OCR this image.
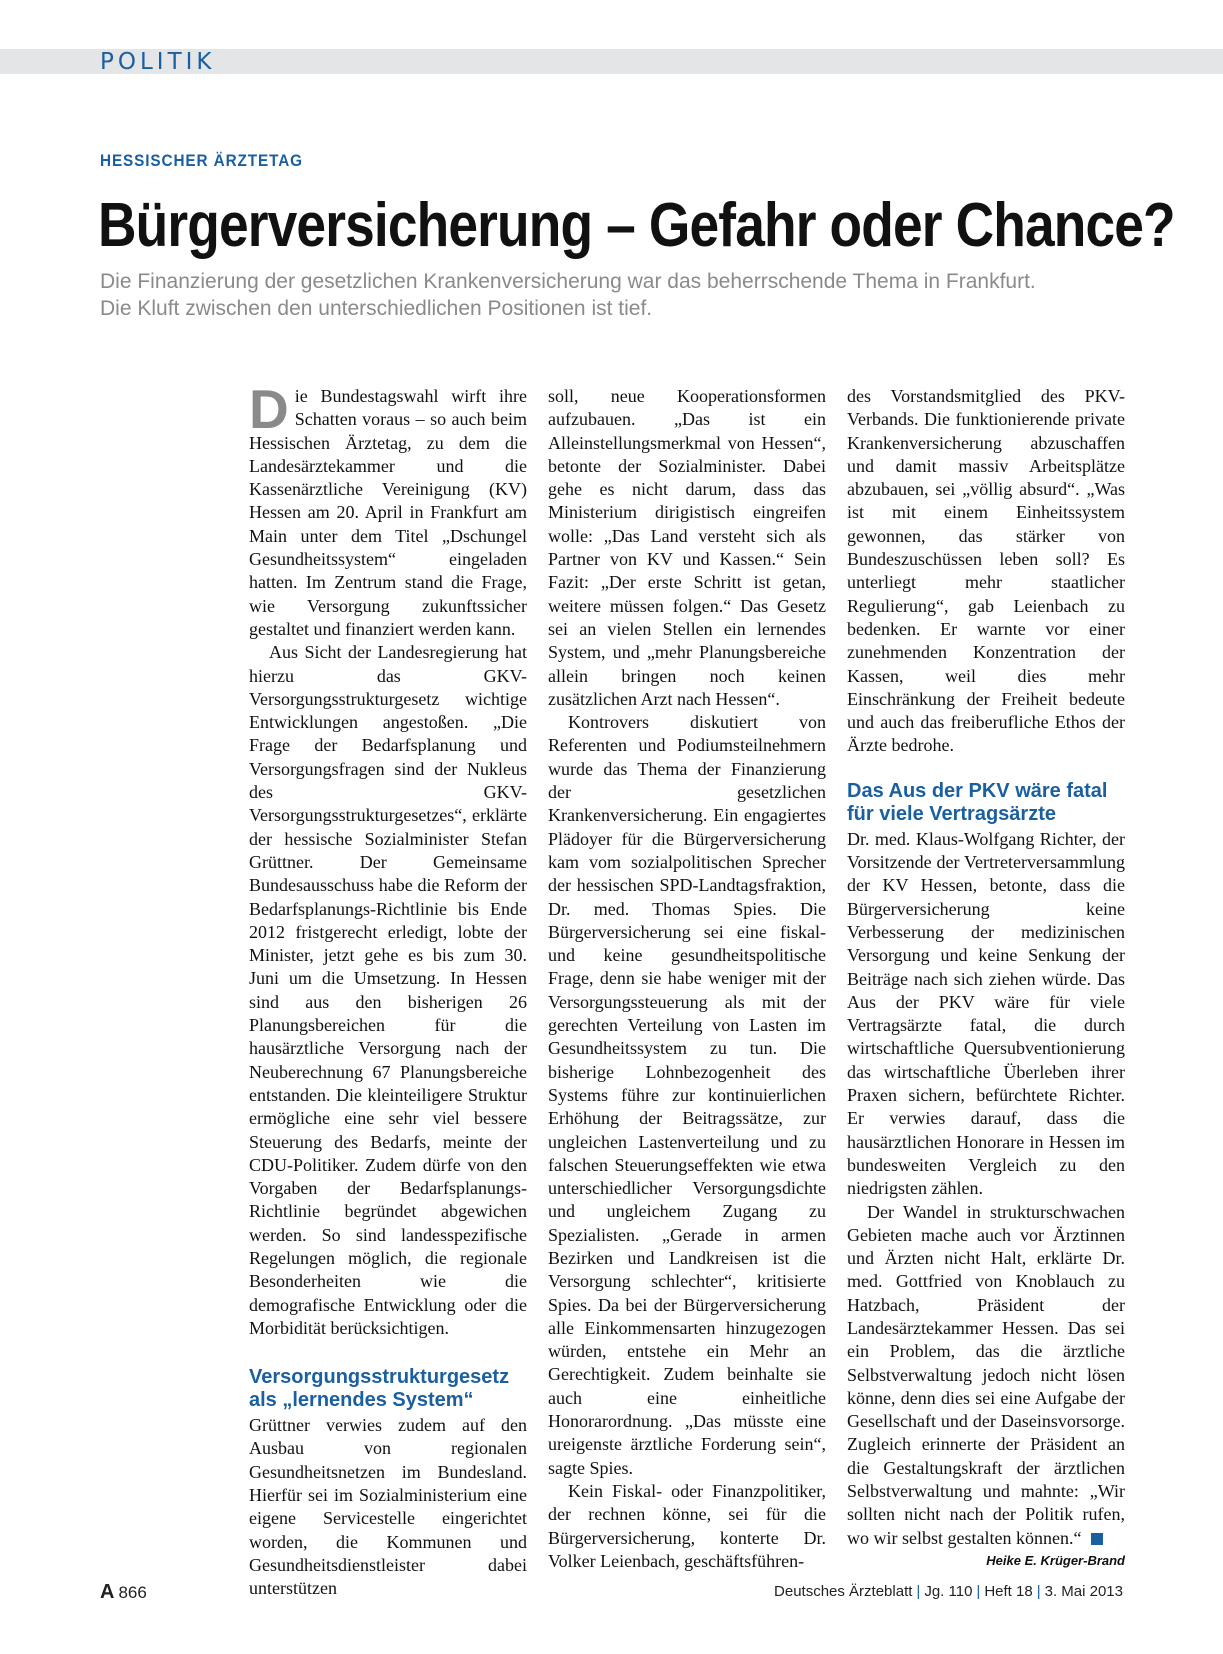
POLITIK
HESSISCHER ÄRZTETAG
Bürgerversicherung – Gefahr oder Chance?
Die Finanzierung der gesetzlichen Krankenversicherung war das beherrschende Thema in Frankfurt. Die Kluft zwischen den unterschiedlichen Positionen ist tief.

Die Bundestagswahl wirft ihre Schatten voraus – so auch beim Hessischen Ärztetag, zu dem die Landesärztekammer und die Kassenärztliche Vereinigung (KV) Hessen am 20. April in Frankfurt am Main unter dem Titel „Dschungel Gesundheitssystem“ eingeladen hatten. Im Zentrum stand die Frage, wie Versorgung zukunftssicher gestaltet und finanziert werden kann.

Aus Sicht der Landesregierung hat hierzu das GKV-Versorgungsstrukturgesetz wichtige Entwicklungen angestoßen. „Die Frage der Bedarfsplanung und Versorgungsfragen sind der Nukleus des GKV-Versorgungsstrukturgesetzes“, erklärte der hessische Sozialminister Stefan Grüttner. Der Gemeinsame Bundesausschuss habe die Reform der Bedarfsplanungs-Richtlinie bis Ende 2012 fristgerecht erledigt, lobte der Minister, jetzt gehe es bis zum 30. Juni um die Umsetzung. In Hessen sind aus den bisherigen 26 Planungsbereichen für die hausärztliche Versorgung nach der Neuberechnung 67 Planungsbereiche entstanden. Die kleinteiligere Struktur ermögliche eine sehr viel bessere Steuerung des Bedarfs, meinte der CDU-Politiker. Zudem dürfe von den Vorgaben der Bedarfsplanungs-Richtlinie begründet abgewichen werden. So sind landesspezifische Regelungen möglich, die regionale Besonderheiten wie die demografische Entwicklung oder die Morbidität berücksichtigen.

Versorgungsstrukturgesetz als „lernendes System“

Grüttner verwies zudem auf den Ausbau von regionalen Gesundheitsnetzen im Bundesland. Hierfür sei im Sozialministerium eine eigene Servicestelle eingerichtet worden, die Kommunen und Gesundheitsdienstleister dabei unterstützen

soll, neue Kooperationsformen aufzubauen. „Das ist ein Alleinstellungsmerkmal von Hessen“, betonte der Sozialminister. Dabei gehe es nicht darum, dass das Ministerium dirigistisch eingreifen wolle: „Das Land versteht sich als Partner von KV und Kassen.“ Sein Fazit: „Der erste Schritt ist getan, weitere müssen folgen.“ Das Gesetz sei an vielen Stellen ein lernendes System, und „mehr Planungsbereiche allein bringen noch keinen zusätzlichen Arzt nach Hessen“.

Kontrovers diskutiert von Referenten und Podiumsteilnehmern wurde das Thema der Finanzierung der gesetzlichen Krankenversicherung. Ein engagiertes Plädoyer für die Bürgerversicherung kam vom sozialpolitischen Sprecher der hessischen SPD-Landtagsfraktion, Dr. med. Thomas Spies. Die Bürgerversicherung sei eine fiskal- und keine gesundheitspolitische Frage, denn sie habe weniger mit der Versorgungssteuerung als mit der gerechten Verteilung von Lasten im Gesundheitssystem zu tun. Die bisherige Lohnbezogenheit des Systems führe zur kontinuierlichen Erhöhung der Beitragssätze, zur ungleichen Lastenverteilung und zu falschen Steuerungseffekten wie etwa unterschiedlicher Versorgungsdichte und ungleichem Zugang zu Spezialisten. „Gerade in armen Bezirken und Landkreisen ist die Versorgung schlechter“, kritisierte Spies. Da bei der Bürgerversicherung alle Einkommensarten hinzugezogen würden, entstehe ein Mehr an Gerechtigkeit. Zudem beinhalte sie auch eine einheitliche Honorarordnung. „Das müsste eine ureigenste ärztliche Forderung sein“, sagte Spies.

Kein Fiskal- oder Finanzpolitiker, der rechnen könne, sei für die Bürgerversicherung, konterte Dr. Volker Leienbach, geschäftsführen-

des Vorstandsmitglied des PKV-Verbands. Die funktionierende private Krankenversicherung abzuschaffen und damit massiv Arbeitsplätze abzubauen, sei „völlig absurd“. „Was ist mit einem Einheitssystem gewonnen, das stärker von Bundeszuschüssen leben soll? Es unterliegt mehr staatlicher Regulierung“, gab Leienbach zu bedenken. Er warnte vor einer zunehmenden Konzentration der Kassen, weil dies mehr Einschränkung der Freiheit bedeute und auch das freiberufliche Ethos der Ärzte bedrohe.

Das Aus der PKV wäre fatal für viele Vertragsärzte

Dr. med. Klaus-Wolfgang Richter, der Vorsitzende der Vertreterversammlung der KV Hessen, betonte, dass die Bürgerversicherung keine Verbesserung der medizinischen Versorgung und keine Senkung der Beiträge nach sich ziehen würde. Das Aus der PKV wäre für viele Vertragsärzte fatal, die durch wirtschaftliche Quersubventionierung das wirtschaftliche Überleben ihrer Praxen sichern, befürchtete Richter. Er verwies darauf, dass die hausärztlichen Honorare in Hessen im bundesweiten Vergleich zu den niedrigsten zählen.

Der Wandel in strukturschwachen Gebieten mache auch vor Ärztinnen und Ärzten nicht Halt, erklärte Dr. med. Gottfried von Knoblauch zu Hatzbach, Präsident der Landesärztekammer Hessen. Das sei ein Problem, das die ärztliche Selbstverwaltung jedoch nicht lösen könne, denn dies sei eine Aufgabe der Gesellschaft und der Daseinsvorsorge. Zugleich erinnerte der Präsident an die Gestaltungskraft der ärztlichen Selbstverwaltung und mahnte: „Wir sollten nicht nach der Politik rufen, wo wir selbst gestalten können.“

Heike E. Krüger-Brand
A 866	Deutsches Ärzteblatt | Jg. 110 | Heft 18 | 3. Mai 2013
